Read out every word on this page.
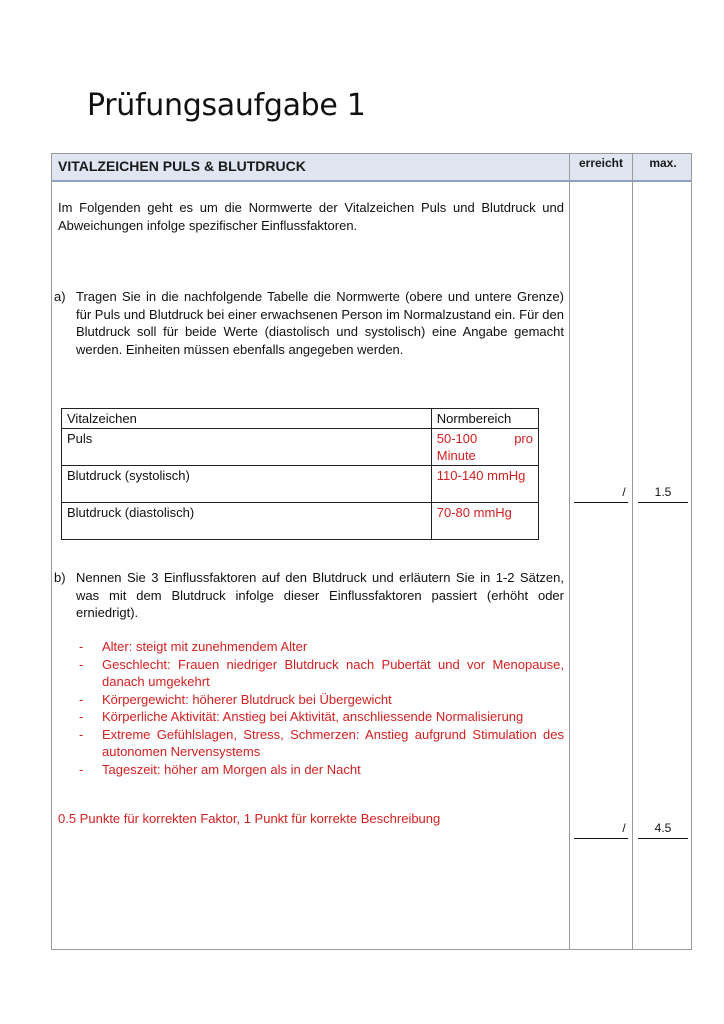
Prüfungsaufgabe 1
VITALZEICHEN PULS & BLUTDRUCK	erreicht	max.

Im Folgenden geht es um die Normwerte der Vitalzeichen Puls und Blutdruck und Abweichungen infolge spezifischer Einflussfaktoren.

a) Tragen Sie in die nachfolgende Tabelle die Normwerte (obere und untere Grenze) für Puls und Blutdruck bei einer erwachsenen Person im Normalzustand ein. Für den Blutdruck soll für beide Werte (diastolisch und systolisch) eine Angabe gemacht werden. Einheiten müssen ebenfalls angegeben werden.

Vitalzeichen	Normbereich
Puls	50-100 pro Minute
Blutdruck (systolisch)	110-140 mmHg
Blutdruck (diastolisch)	70-80 mmHg
/	1.5
b) Nennen Sie 3 Einflussfaktoren auf den Blutdruck und erläutern Sie in 1-2 Sätzen, was mit dem Blutdruck infolge dieser Einflussfaktoren passiert (erhöht oder erniedrigt).

- Alter: steigt mit zunehmendem Alter
- Geschlecht: Frauen niedriger Blutdruck nach Pubertät und vor Menopause, danach umgekehrt
- Körpergewicht: höherer Blutdruck bei Übergewicht
- Körperliche Aktivität: Anstieg bei Aktivität, anschliessende Normalisierung
- Extreme Gefühlslagen, Stress, Schmerzen: Anstieg aufgrund Stimulation des autonomen Nervensystems
- Tageszeit: höher am Morgen als in der Nacht
0.5 Punkte für korrekten Faktor, 1 Punkt für korrekte Beschreibung
/	4.5
